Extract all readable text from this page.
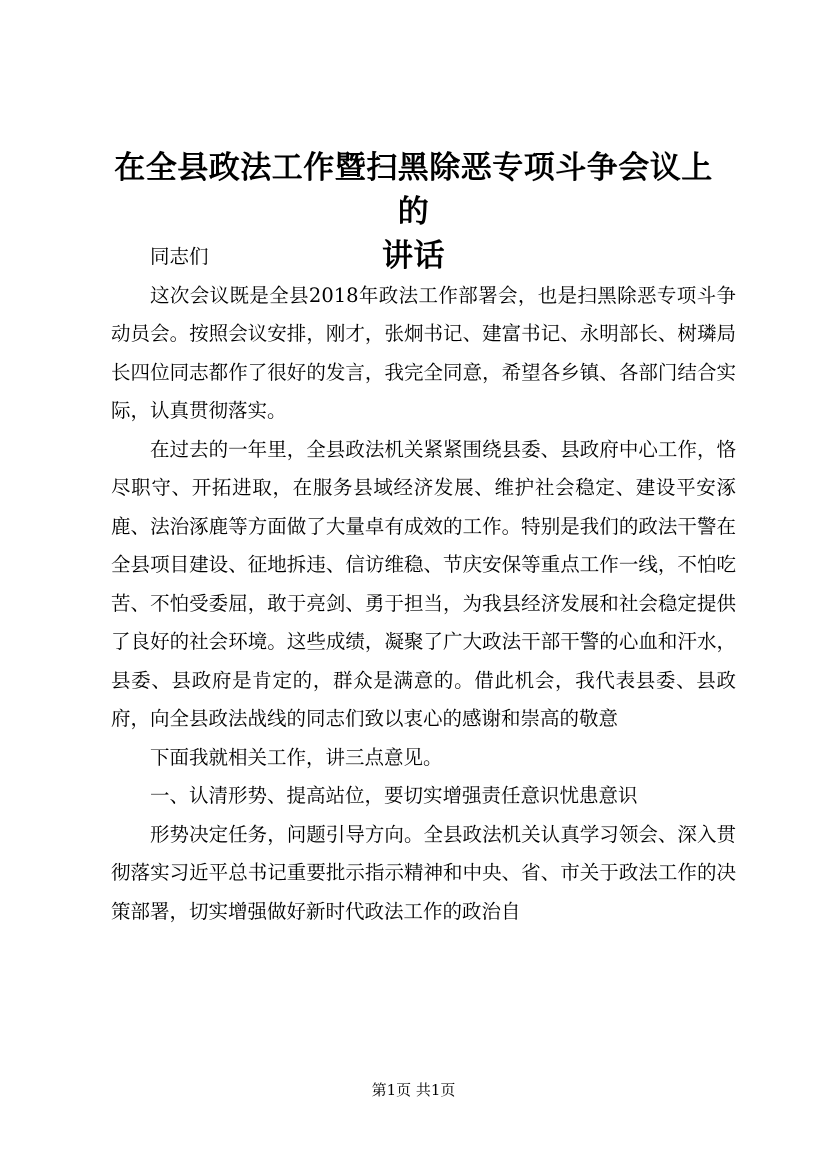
在全县政法工作暨扫黑除恶专项斗争会议上的
讲话

同志们

这次会议既是全县2018年政法工作部署会，也是扫黑除恶专项斗争动员会。按照会议安排，刚才，张炯书记、建富书记、永明部长、树璘局长四位同志都作了很好的发言，我完全同意，希望各乡镇、各部门结合实际，认真贯彻落实。

在过去的一年里，全县政法机关紧紧围绕县委、县政府中心工作，恪尽职守、开拓进取，在服务县域经济发展、维护社会稳定、建设平安涿鹿、法治涿鹿等方面做了大量卓有成效的工作。特别是我们的政法干警在全县项目建设、征地拆违、信访维稳、节庆安保等重点工作一线，不怕吃苦、不怕受委屈，敢于亮剑、勇于担当，为我县经济发展和社会稳定提供了良好的社会环境。这些成绩，凝聚了广大政法干部干警的心血和汗水，县委、县政府是肯定的，群众是满意的。借此机会，我代表县委、县政府，向全县政法战线的同志们致以衷心的感谢和崇高的敬意

下面我就相关工作，讲三点意见。

一、认清形势、提高站位，要切实增强责任意识忧患意识

形势决定任务，问题引导方向。全县政法机关认真学习领会、深入贯彻落实习近平总书记重要批示指示精神和中央、省、市关于政法工作的决策部署，切实增强做好新时代政法工作的政治自

第1页 共1页
